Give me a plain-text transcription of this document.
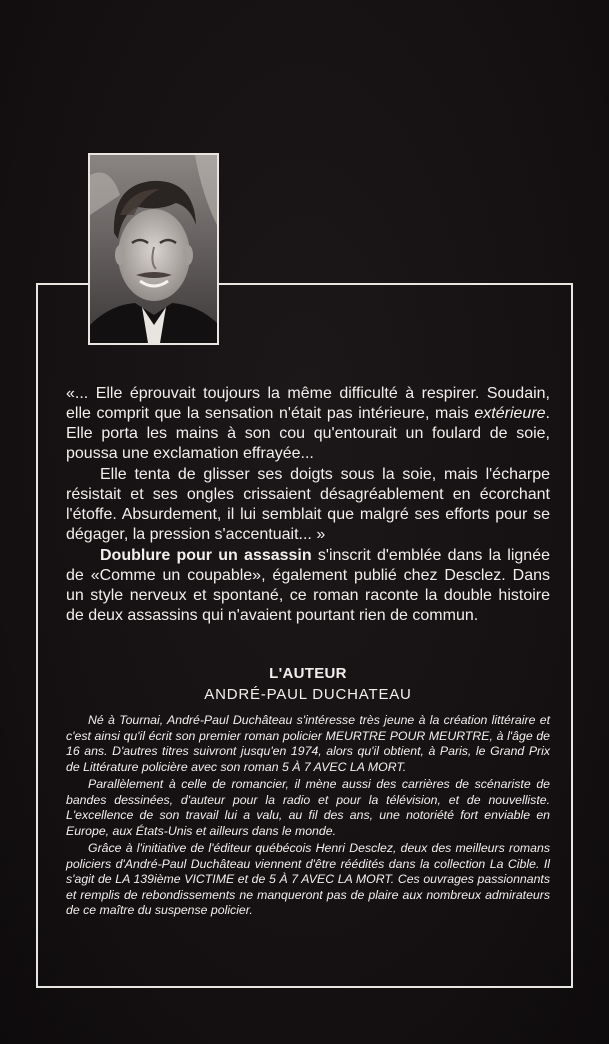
«... Elle éprouvait toujours la même difficulté à respirer. Soudain, elle comprit que la sensation n'était pas intérieure, mais extérieure. Elle porta les mains à son cou qu'entourait un foulard de soie, poussa une exclamation effrayée...

Elle tenta de glisser ses doigts sous la soie, mais l'écharpe résistait et ses ongles crissaient désagréablement en écorchant l'étoffe. Absurdement, il lui semblait que malgré ses efforts pour se dégager, la pression s'accentuait... »

Doublure pour un assassin s'inscrit d'emblée dans la lignée de «Comme un coupable», également publié chez Desclez. Dans un style nerveux et spontané, ce roman raconte la double histoire de deux assassins qui n'avaient pourtant rien de commun.

L'AUTEUR
ANDRÉ-PAUL DUCHATEAU

Né à Tournai, André-Paul Duchâteau s'intéresse très jeune à la création littéraire et c'est ainsi qu'il écrit son premier roman policier MEURTRE POUR MEURTRE, à l'âge de 16 ans. D'autres titres suivront jusqu'en 1974, alors qu'il obtient, à Paris, le Grand Prix de Littérature policière avec son roman 5 À 7 AVEC LA MORT.

Parallèlement à celle de romancier, il mène aussi des carrières de scénariste de bandes dessinées, d'auteur pour la radio et pour la télévision, et de nouvelliste. L'excellence de son travail lui a valu, au fil des ans, une notoriété fort enviable en Europe, aux États-Unis et ailleurs dans le monde.

Grâce à l'initiative de l'éditeur québécois Henri Desclez, deux des meilleurs romans policiers d'André-Paul Duchâteau viennent d'être réédités dans la collection La Cible. Il s'agit de LA 139ième VICTIME et de 5 À 7 AVEC LA MORT. Ces ouvrages passionnants et remplis de rebondissements ne manqueront pas de plaire aux nombreux admirateurs de ce maître du suspense policier.
